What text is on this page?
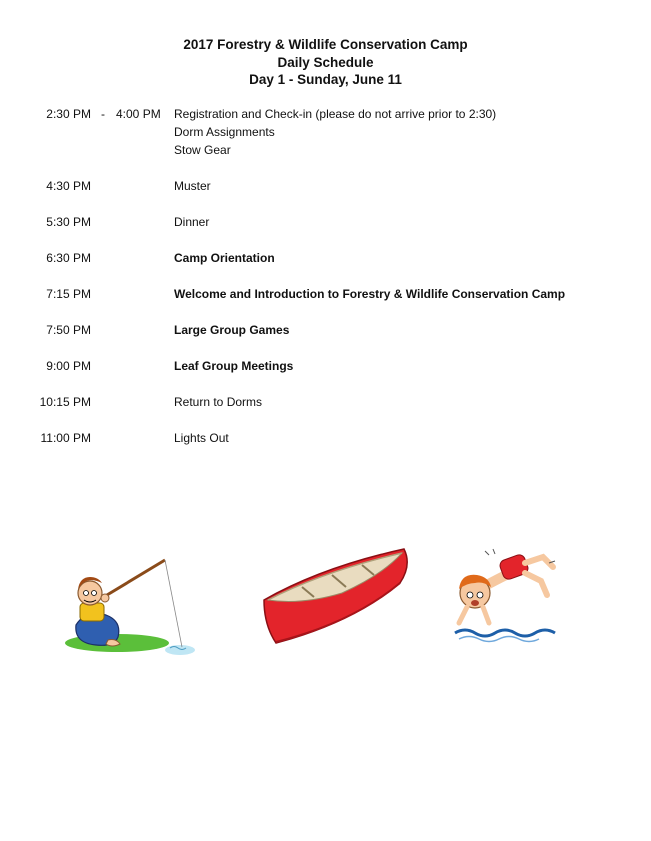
2017 Forestry & Wildlife Conservation Camp
Daily Schedule
Day 1 - Sunday, June 11
2:30 PM - 4:00 PM Registration and Check-in (please do not arrive prior to 2:30)
Dorm Assignments
Stow Gear
4:30 PM	Muster
5:30 PM	Dinner
6:30 PM	Camp Orientation
7:15 PM	Welcome and Introduction to Forestry & Wildlife Conservation Camp
7:50 PM	Large Group Games
9:00 PM	Leaf Group Meetings
10:15 PM	Return to Dorms
11:00 PM	Lights Out
